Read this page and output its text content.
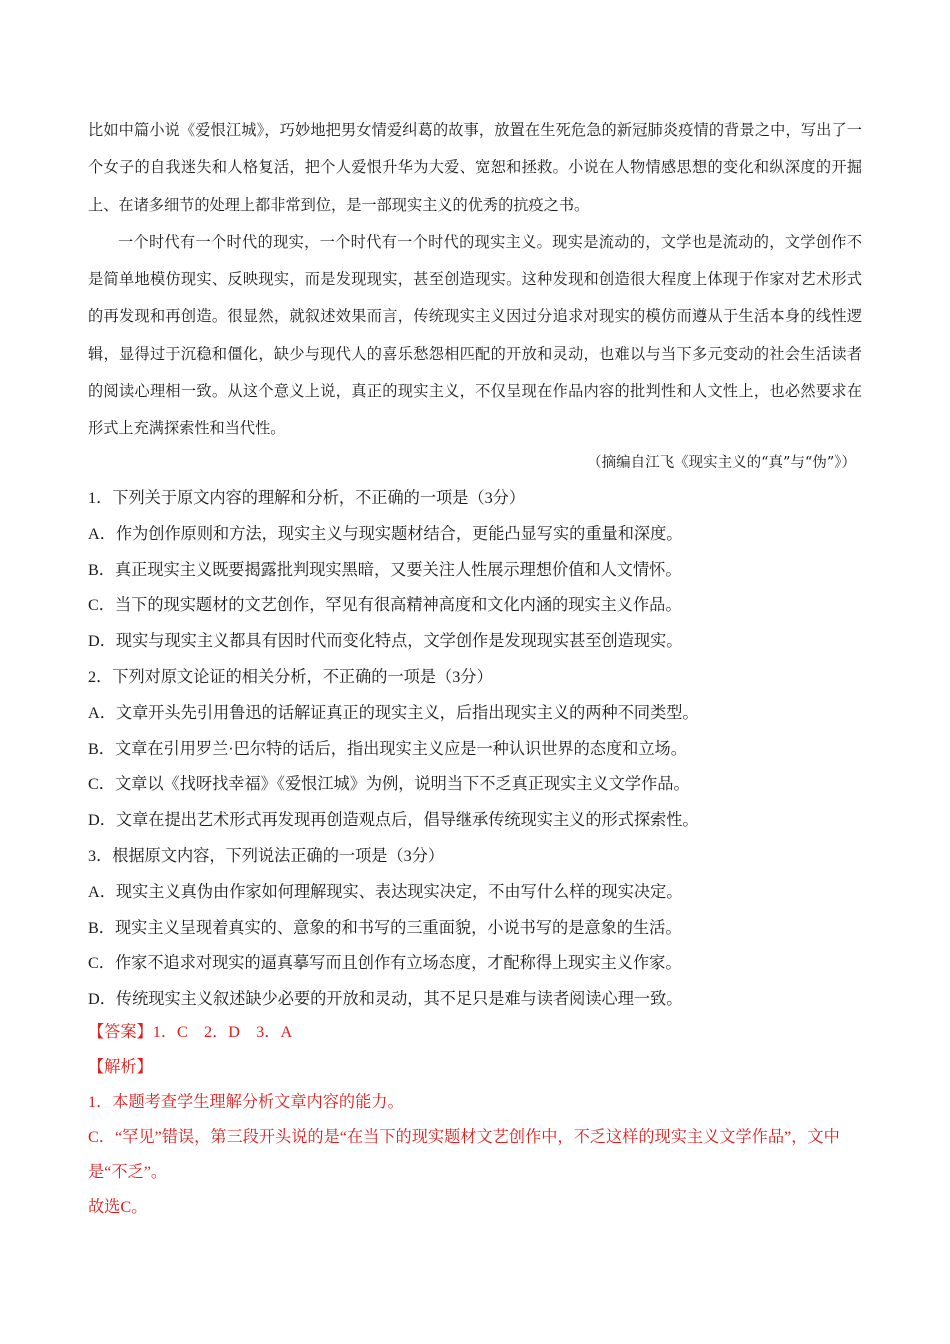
比如中篇小说《爱恨江城》，巧妙地把男女情爱纠葛的故事，放置在生死危急的新冠肺炎疫情的背景之中，写出了一个女子的自我迷失和人格复活，把个人爱恨升华为大爱、宽恕和拯救。小说在人物情感思想的变化和纵深度的开掘上、在诸多细节的处理上都非常到位，是一部现实主义的优秀的抗疫之书。

一个时代有一个时代的现实，一个时代有一个时代的现实主义。现实是流动的，文学也是流动的，文学创作不是简单地模仿现实、反映现实，而是发现现实，甚至创造现实。这种发现和创造很大程度上体现于作家对艺术形式的再发现和再创造。很显然，就叙述效果而言，传统现实主义因过分追求对现实的模仿而遵从于生活本身的线性逻辑，显得过于沉稳和僵化，缺少与现代人的喜乐愁怨相匹配的开放和灵动，也难以与当下多元变动的社会生活读者的阅读心理相一致。从这个意义上说，真正的现实主义，不仅呈现在作品内容的批判性和人文性上，也必然要求在形式上充满探索性和当代性。

（摘编自江飞《现实主义的“真”与“伪”》）
1．下列关于原文内容的理解和分析，不正确的一项是（3分）
A．作为创作原则和方法，现实主义与现实题材结合，更能凸显写实的重量和深度。
B．真正现实主义既要揭露批判现实黑暗，又要关注人性展示理想价值和人文情怀。
C．当下的现实题材的文艺创作，罕见有很高精神高度和文化内涵的现实主义作品。
D．现实与现实主义都具有因时代而变化特点，文学创作是发现现实甚至创造现实。
2．下列对原文论证的相关分析，不正确的一项是（3分）
A．文章开头先引用鲁迅的话解证真正的现实主义，后指出现实主义的两种不同类型。
B．文章在引用罗兰·巴尔特的话后，指出现实主义应是一种认识世界的态度和立场。
C．文章以《找呀找幸福》《爱恨江城》为例，说明当下不乏真正现实主义文学作品。
D．文章在提出艺术形式再发现再创造观点后，倡导继承传统现实主义的形式探索性。
3．根据原文内容，下列说法正确的一项是（3分）
A．现实主义真伪由作家如何理解现实、表达现实决定，不由写什么样的现实决定。
B．现实主义呈现着真实的、意象的和书写的三重面貌，小说书写的是意象的生活。
C．作家不追求对现实的逼真摹写而且创作有立场态度，才配称得上现实主义作家。
D．传统现实主义叙述缺少必要的开放和灵动，其不足只是难与读者阅读心理一致。
【答案】1．C　2．D　3．A
【解析】
1．本题考查学生理解分析文章内容的能力。
C．“罕见”错误，第三段开头说的是“在当下的现实题材文艺创作中，不乏这样的现实主义文学作品”，文中是“不乏”。
故选C。
